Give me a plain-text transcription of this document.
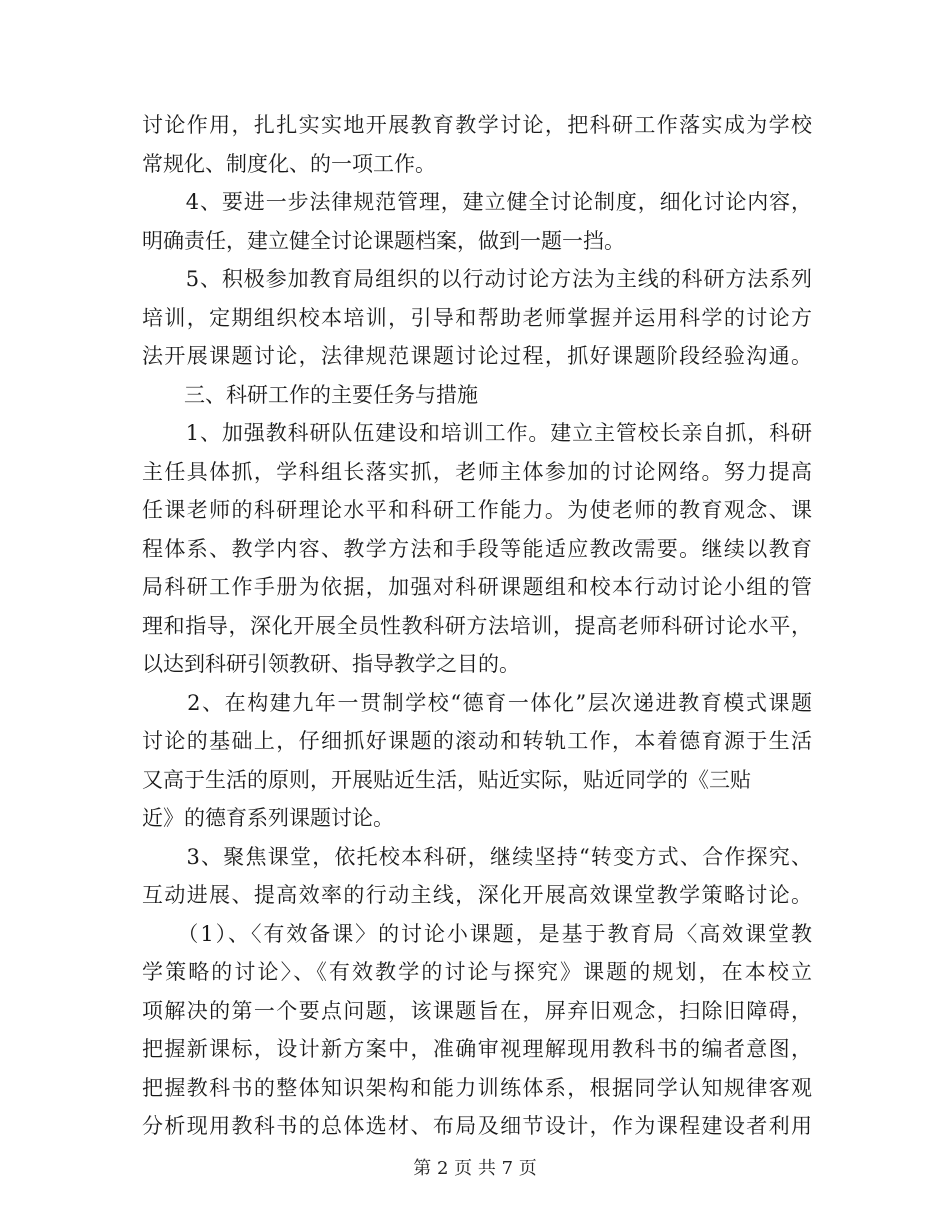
讨论作用，扎扎实实地开展教育教学讨论，把科研工作落实成为学校
常规化、制度化、的一项工作。
　　4、要进一步法律规范管理，建立健全讨论制度，细化讨论内容，
明确责任，建立健全讨论课题档案，做到一题一挡。
　　5、积极参加教育局组织的以行动讨论方法为主线的科研方法系列
培训，定期组织校本培训，引导和帮助老师掌握并运用科学的讨论方
法开展课题讨论，法律规范课题讨论过程，抓好课题阶段经验沟通。
　　三、科研工作的主要任务与措施
　　1、加强教科研队伍建设和培训工作。建立主管校长亲自抓，科研
主任具体抓，学科组长落实抓，老师主体参加的讨论网络。努力提高
任课老师的科研理论水平和科研工作能力。为使老师的教育观念、课
程体系、教学内容、教学方法和手段等能适应教改需要。继续以教育
局科研工作手册为依据，加强对科研课题组和校本行动讨论小组的管
理和指导，深化开展全员性教科研方法培训，提高老师科研讨论水平，
以达到科研引领教研、指导教学之目的。
　　2、在构建九年一贯制学校“德育一体化”层次递进教育模式课题
讨论的基础上，仔细抓好课题的滚动和转轨工作，本着德育源于生活
又高于生活的原则，开展贴近生活，贴近实际，贴近同学的《三贴
近》的德育系列课题讨论。
　　3、聚焦课堂，依托校本科研，继续坚持“转变方式、合作探究、
互动进展、提高效率的行动主线，深化开展高效课堂教学策略讨论。
　　（1）、〈有效备课〉的讨论小课题，是基于教育局〈高效课堂教
学策略的讨论〉、《有效教学的讨论与探究》课题的规划，在本校立
项解决的第一个要点问题，该课题旨在，屏弃旧观念，扫除旧障碍，
把握新课标，设计新方案中，准确审视理解现用教科书的编者意图，
把握教科书的整体知识架构和能力训练体系，根据同学认知规律客观
分析现用教科书的总体选材、布局及细节设计，作为课程建设者利用
第 2 页 共 7 页
